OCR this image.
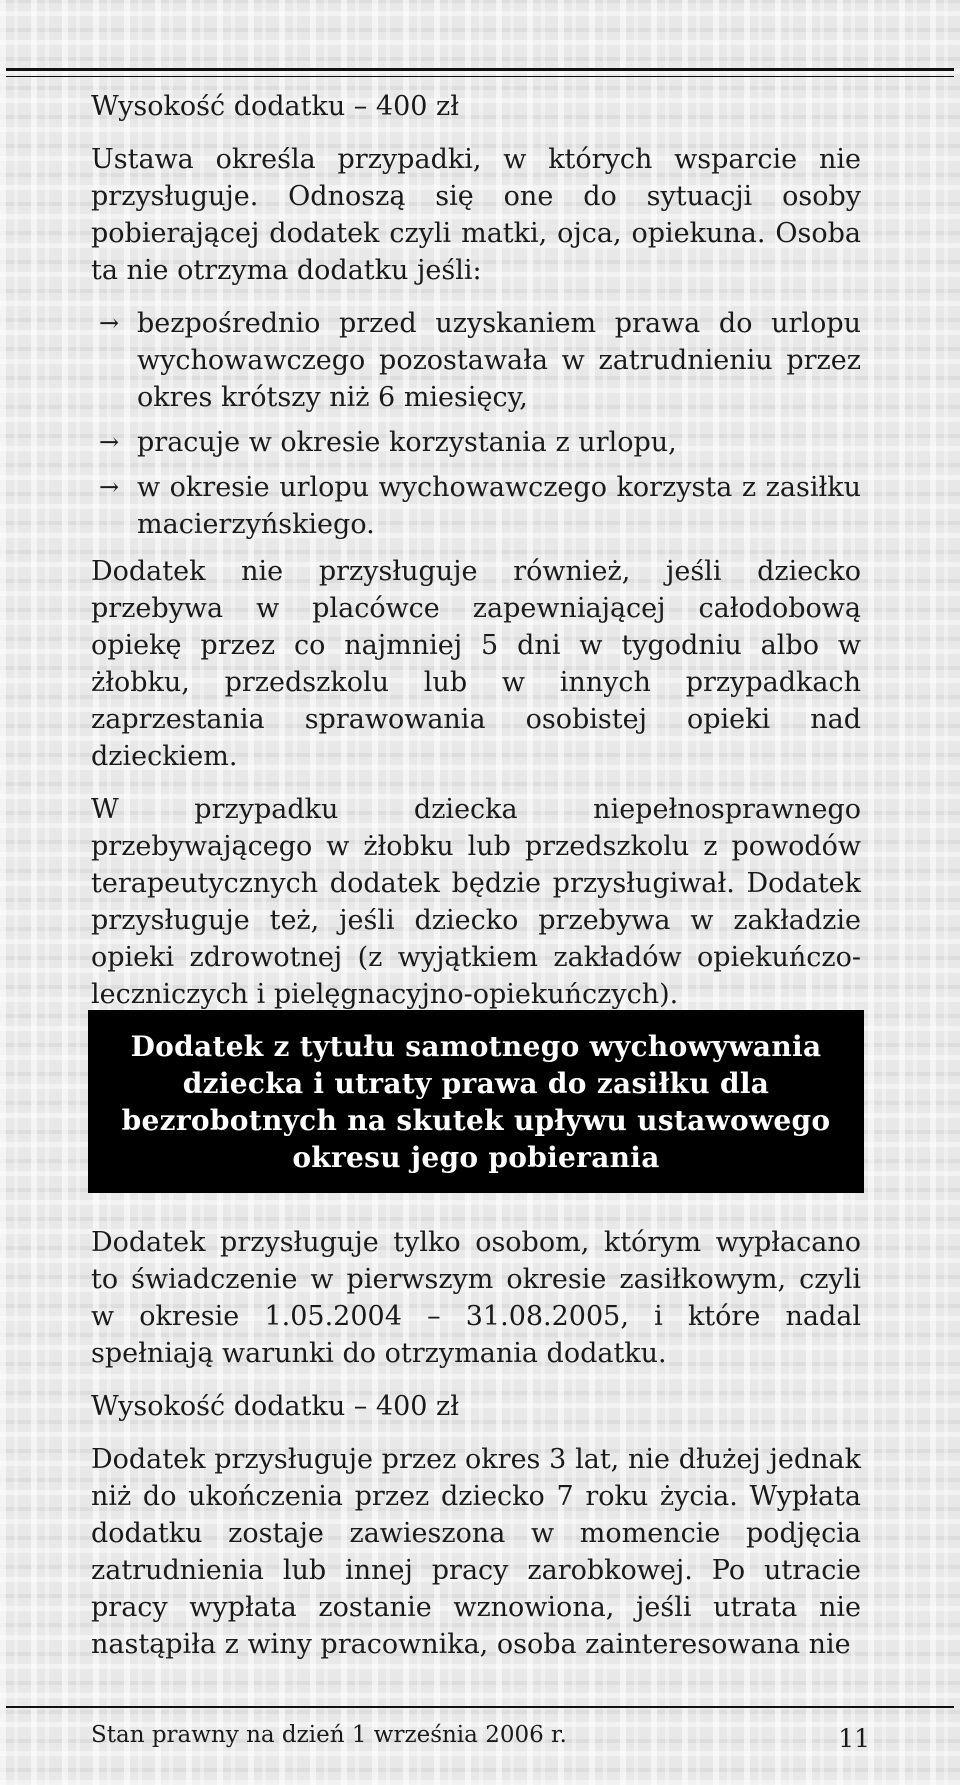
Wysokość dodatku – 400 zł

Ustawa określa przypadki, w których wsparcie nie przysługuje. Odnoszą się one do sytuacji osoby pobierającej dodatek czyli matki, ojca, opiekuna. Osoba ta nie otrzyma dodatku jeśli:

→ bezpośrednio przed uzyskaniem prawa do urlopu wychowawczego pozostawała w zatrudnieniu przez okres krótszy niż 6 miesięcy,
→ pracuje w okresie korzystania z urlopu,
→ w okresie urlopu wychowawczego korzysta z zasiłku macierzyńskiego.

Dodatek nie przysługuje również, jeśli dziecko przebywa w placówce zapewniającej całodobową opiekę przez co najmniej 5 dni w tygodniu albo w żłobku, przedszkolu lub w innych przypadkach zaprzestania sprawowania osobistej opieki nad dzieckiem.

W przypadku dziecka niepełnosprawnego przebywającego w żłobku lub przedszkolu z powodów terapeutycznych dodatek będzie przysługiwał. Dodatek przysługuje też, jeśli dziecko przebywa w zakładzie opieki zdrowotnej (z wyjątkiem zakładów opiekuńczo-leczniczych i pielęgnacyjno-opiekuńczych).

Dodatek z tytułu samotnego wychowywania dziecka i utraty prawa do zasiłku dla bezrobotnych na skutek upływu ustawowego okresu jego pobierania

Dodatek przysługuje tylko osobom, którym wypłacano to świadczenie w pierwszym okresie zasiłkowym, czyli w okresie 1.05.2004 – 31.08.2005, i które nadal spełniają warunki do otrzymania dodatku.

Wysokość dodatku – 400 zł

Dodatek przysługuje przez okres 3 lat, nie dłużej jednak niż do ukończenia przez dziecko 7 roku życia. Wypłata dodatku zostaje zawieszona w momencie podjęcia zatrudnienia lub innej pracy zarobkowej. Po utracie pracy wypłata zostanie wznowiona, jeśli utrata nie nastąpiła z winy pracownika, osoba zainteresowana nie

Stan prawny na dzień 1 września 2006 r.	11
